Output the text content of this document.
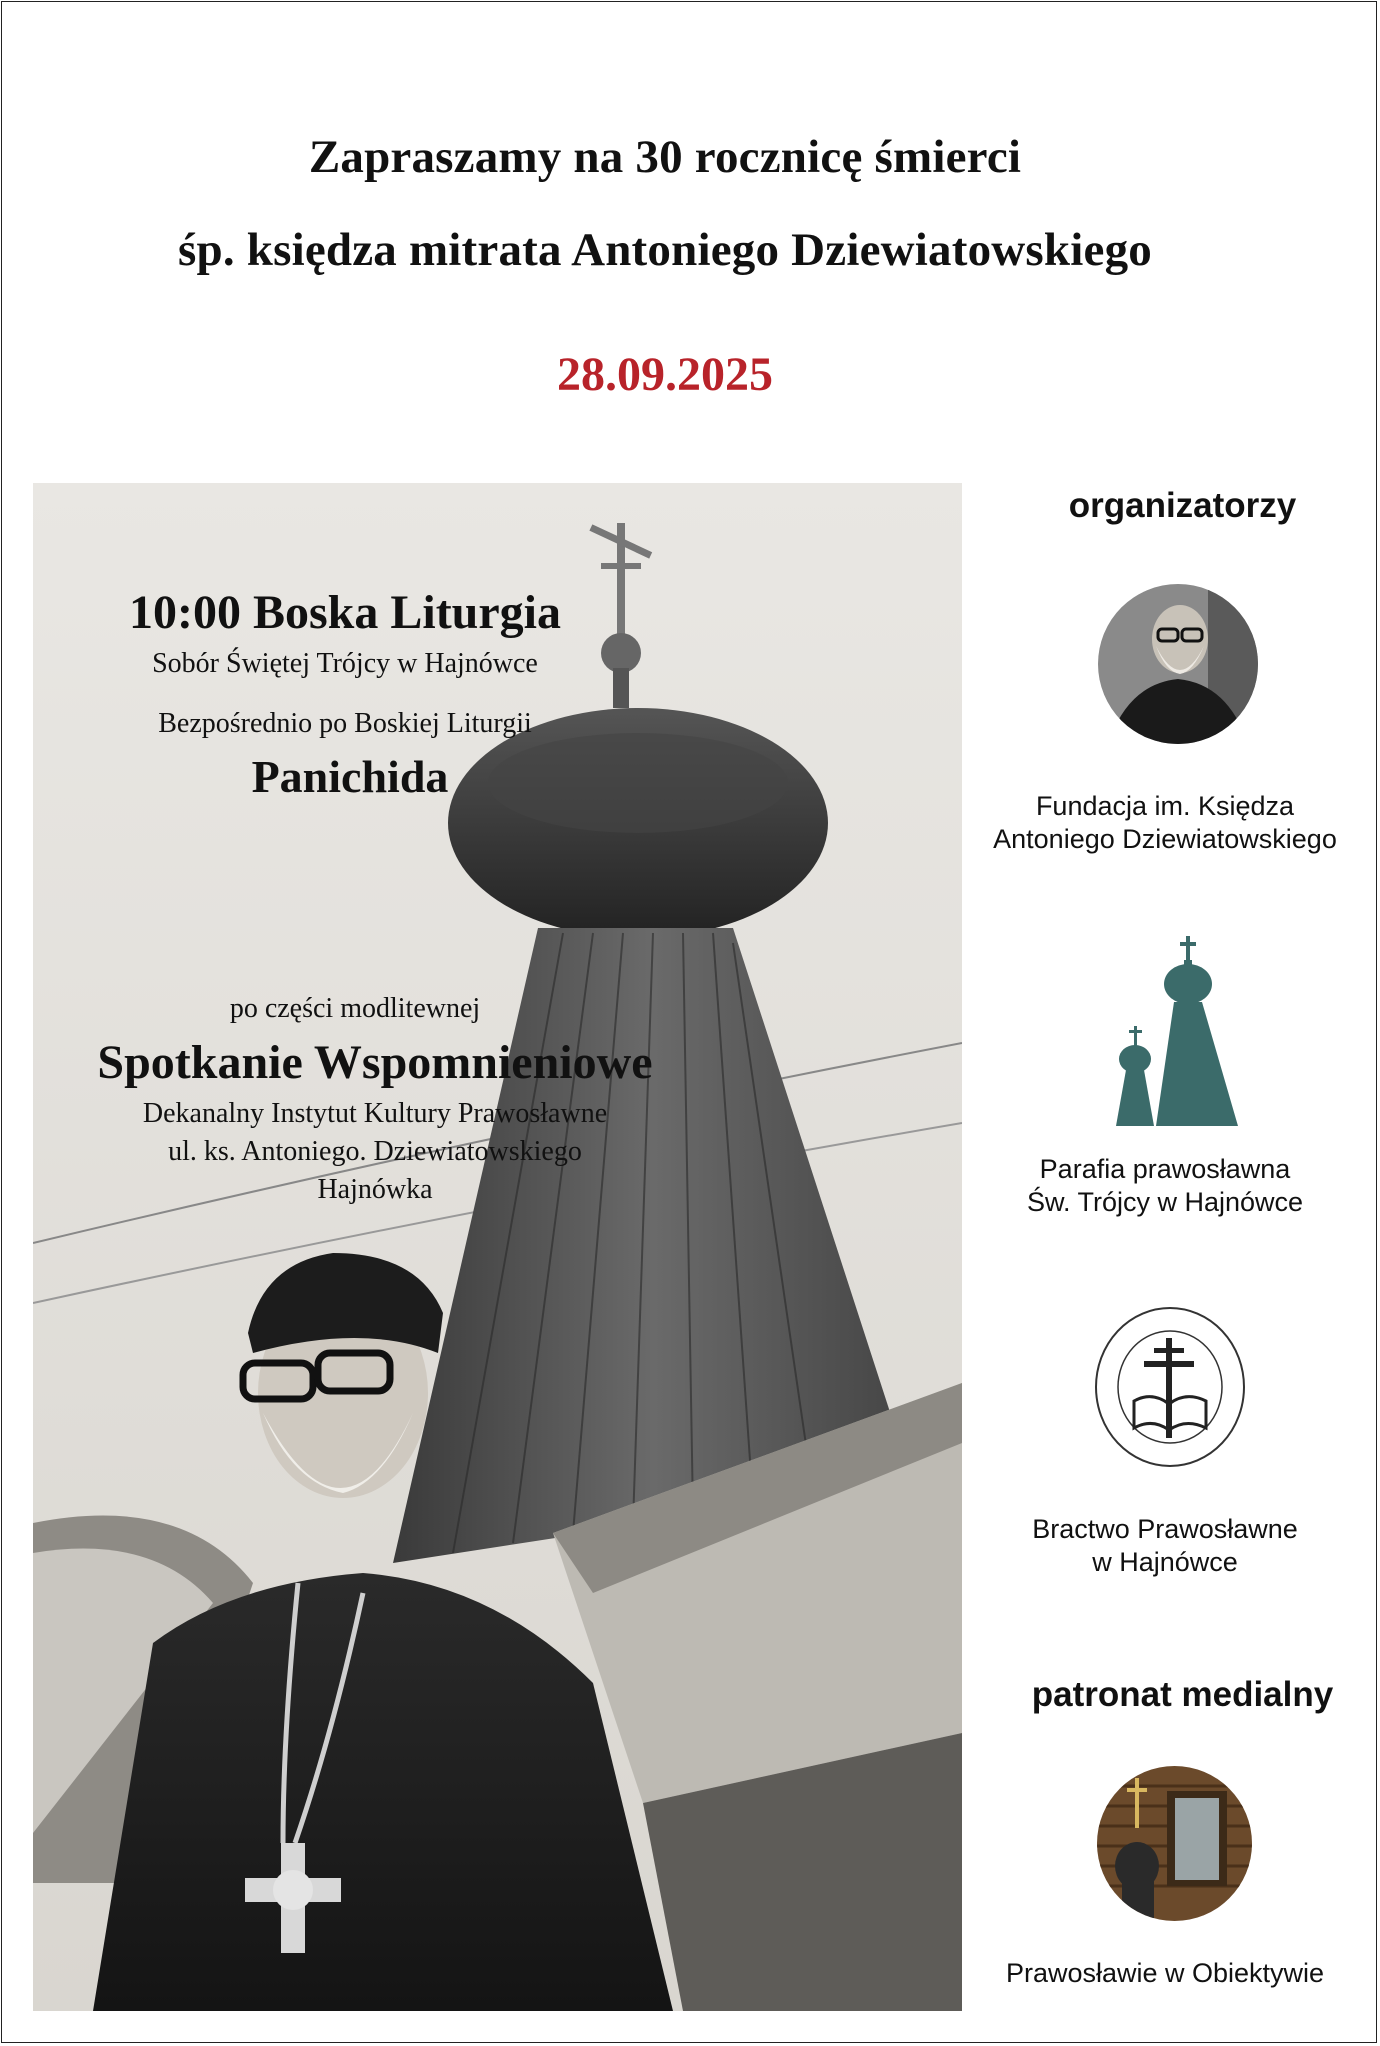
Zapraszamy na 30 rocznicę śmierci
śp. księdza mitrata Antoniego Dziewiatowskiego
28.09.2025
10:00 Boska Liturgia
Sobór Świętej Trójcy w Hajnówce
Bezpośrednio po Boskiej Liturgii
Panichida
po części modlitewnej
Spotkanie Wspomnieniowe
Dekanalny Instytut Kultury Prawosławne
ul. ks. Antoniego. Dziewiatowskiego
Hajnówka
organizatorzy
Fundacja im. Księdza
Antoniego Dziewiatowskiego
Parafia prawosławna
Św. Trójcy w Hajnówce
Bractwo Prawosławne
w Hajnówce
patronat medialny
Prawosławie w Obiektywie
